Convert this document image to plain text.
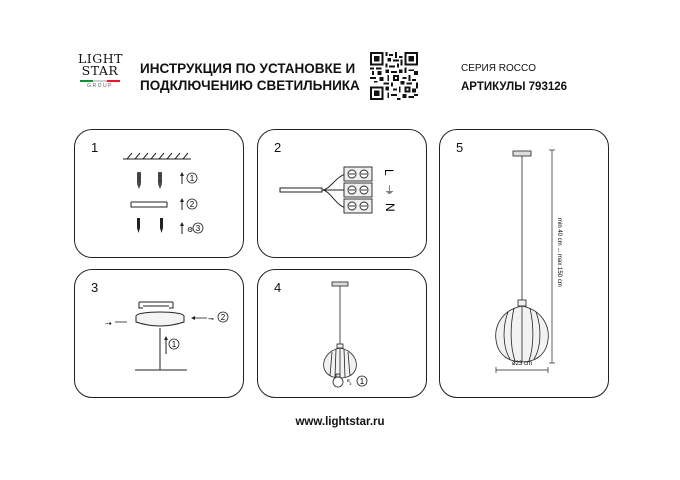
LIGHT
STAR
GROUP
ИНСТРУКЦИЯ ПО УСТАНОВКЕ И
ПОДКЛЮЧЕНИЮ СВЕТИЛЬНИКА
СЕРИЯ ROCCO
АРТИКУЛЫ 793126
1
1
2
⚙ 3
2
L
⏚
N
3
1
⇢	⊸ 2
4
⤣ 1
5
min 40 cm ... max 150 cm
ø23 cm
www.lightstar.ru
